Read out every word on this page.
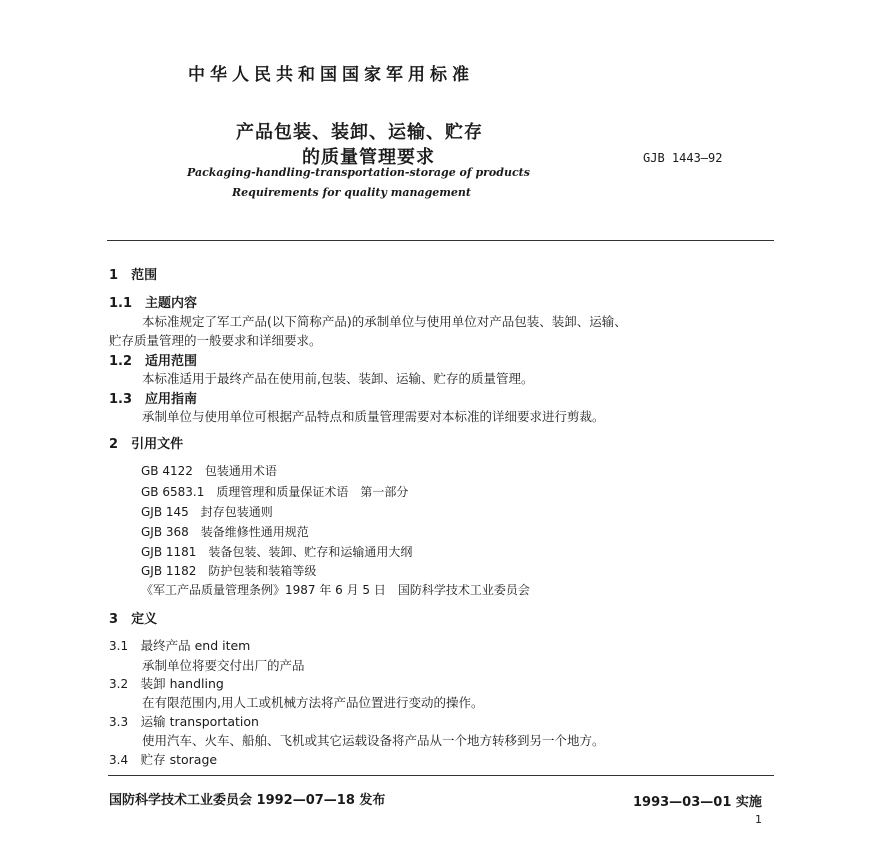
中华人民共和国国家军用标准
产品包装、装卸、运输、贮存
的质量管理要求	GJB 1443—92
Packaging-handling-transportation-storage of products
Requirements for quality management
1　 范围
1.1　 主题内容
本标准规定了军工产品(以下简称产品)的承制单位与使用单位对产品包装、装卸、运输、
贮存质量管理的一般要求和详细要求。
1.2　 适用范围
本标准适用于最终产品在使用前,包装、装卸、运输、贮存的质量管理。
1.3　 应用指南
承制单位与使用单位可根据产品特点和质量管理需要对本标准的详细要求进行剪裁。
2　 引用文件
GB 4122　包装通用术语
GB 6583.1　质理管理和质量保证术语　第一部分
GJB 145　封存包装通则
GJB 368　装备维修性通用规范
GJB 1181　装备包装、装卸、贮存和运输通用大纲
GJB 1182　防护包装和装箱等级
《军工产品质量管理条例》1987 年 6 月 5 日　国防科学技术工业委员会
3　 定义
3.1　 最终产品 end item
承制单位将要交付出厂的产品
3.2　 装卸 handling
在有限范围内,用人工或机械方法将产品位置进行变动的操作。
3.3　 运输 transportation
使用汽车、火车、船舶、飞机或其它运载设备将产品从一个地方转移到另一个地方。
3.4　 贮存 storage
国防科学技术工业委员会 1992—07—18 发布	1993—03—01 实施
1
